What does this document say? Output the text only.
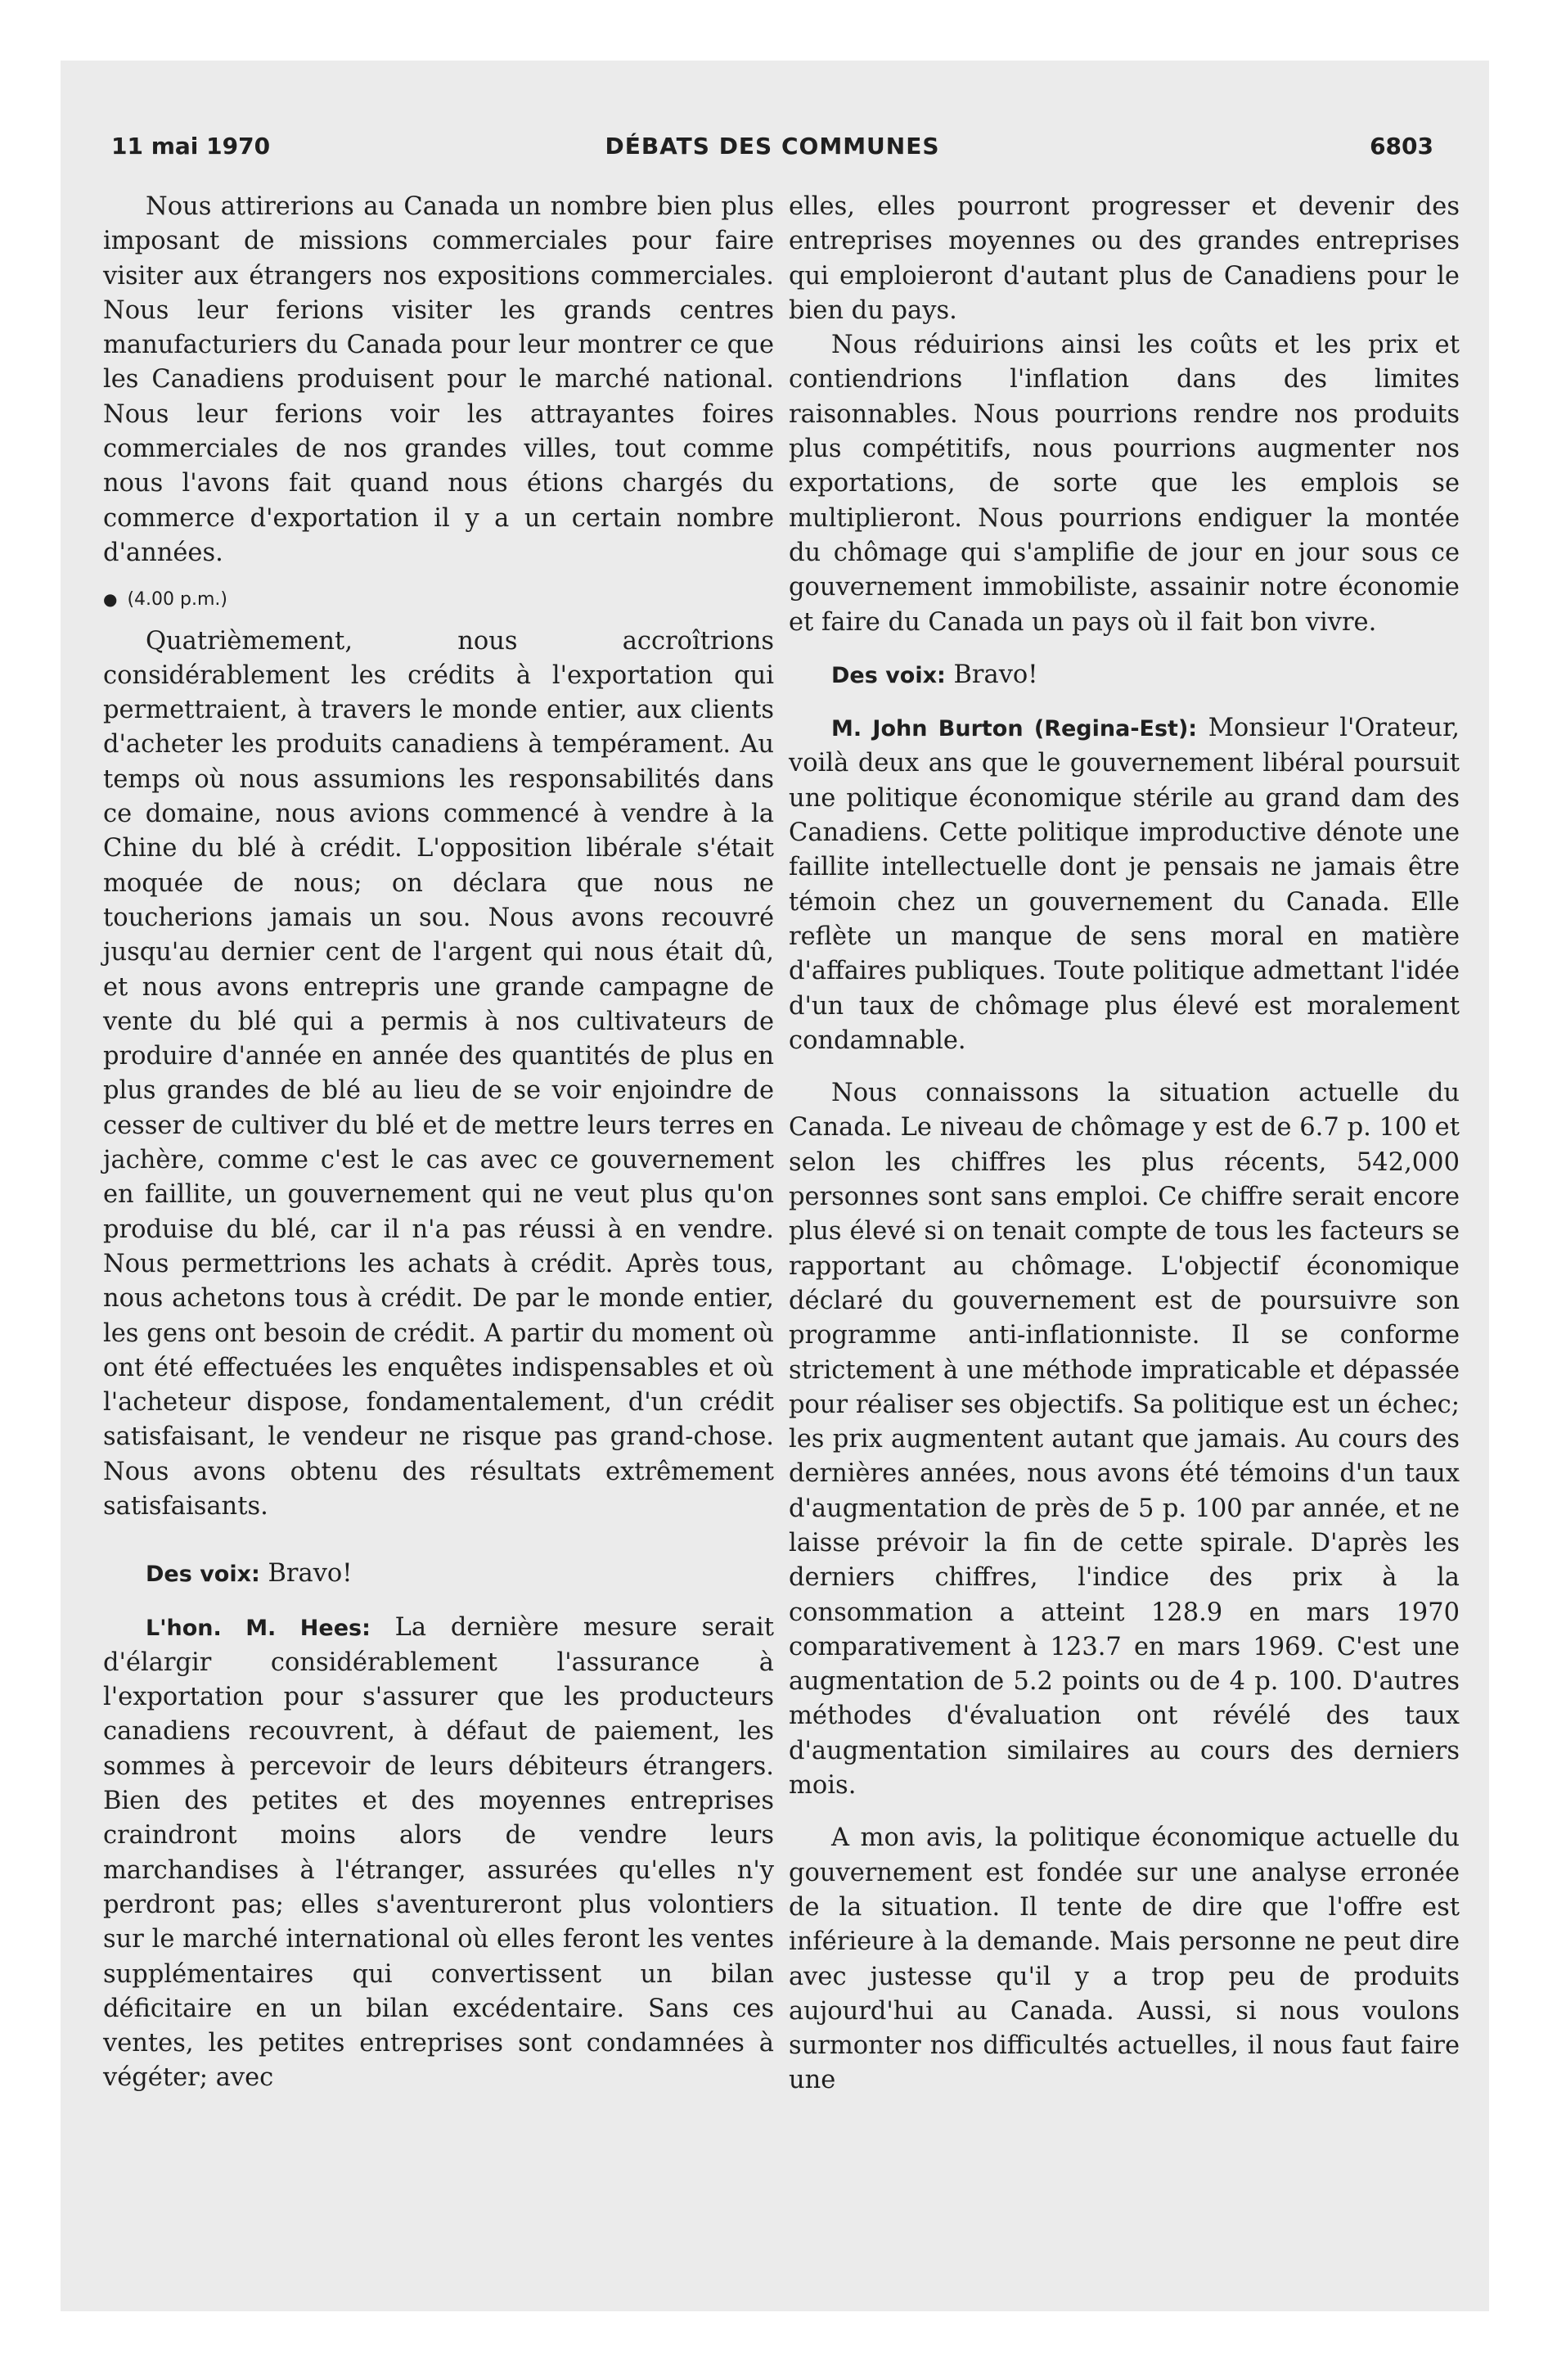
11 mai 1970	DÉBATS DES COMMUNES	6803

Nous attirerions au Canada un nombre bien plus imposant de missions commerciales pour faire visiter aux étrangers nos expositions commerciales. Nous leur ferions visiter les grands centres manufacturiers du Canada pour leur montrer ce que les Canadiens produisent pour le marché national. Nous leur ferions voir les attrayantes foires commerciales de nos grandes villes, tout comme nous l'avons fait quand nous étions chargés du commerce d'exportation il y a un certain nombre d'années.

● (4.00 p.m.)

Quatrièmement, nous accroîtrions considérablement les crédits à l'exportation qui permettraient, à travers le monde entier, aux clients d'acheter les produits canadiens à tempérament. Au temps où nous assumions les responsabilités dans ce domaine, nous avions commencé à vendre à la Chine du blé à crédit. L'opposition libérale s'était moquée de nous; on déclara que nous ne toucherions jamais un sou. Nous avons recouvré jusqu'au dernier cent de l'argent qui nous était dû, et nous avons entrepris une grande campagne de vente du blé qui a permis à nos cultivateurs de produire d'année en année des quantités de plus en plus grandes de blé au lieu de se voir enjoindre de cesser de cultiver du blé et de mettre leurs terres en jachère, comme c'est le cas avec ce gouvernement en faillite, un gouvernement qui ne veut plus qu'on produise du blé, car il n'a pas réussi à en vendre. Nous permettrions les achats à crédit. Après tous, nous achetons tous à crédit. De par le monde entier, les gens ont besoin de crédit. A partir du moment où ont été effectuées les enquêtes indispensables et où l'acheteur dispose, fondamentalement, d'un crédit satisfaisant, le vendeur ne risque pas grand-chose. Nous avons obtenu des résultats extrêmement satisfaisants.

Des voix: Bravo!

L'hon. M. Hees: La dernière mesure serait d'élargir considérablement l'assurance à l'exportation pour s'assurer que les producteurs canadiens recouvrent, à défaut de paiement, les sommes à percevoir de leurs débiteurs étrangers. Bien des petites et des moyennes entreprises craindront moins alors de vendre leurs marchandises à l'étranger, assurées qu'elles n'y perdront pas; elles s'aventureront plus volontiers sur le marché international où elles feront les ventes supplémentaires qui convertissent un bilan déficitaire en un bilan excédentaire. Sans ces ventes, les petites entreprises sont condamnées à végéter; avec

elles, elles pourront progresser et devenir des entreprises moyennes ou des grandes entreprises qui emploieront d'autant plus de Canadiens pour le bien du pays.

Nous réduirions ainsi les coûts et les prix et contiendrions l'inflation dans des limites raisonnables. Nous pourrions rendre nos produits plus compétitifs, nous pourrions augmenter nos exportations, de sorte que les emplois se multiplieront. Nous pourrions endiguer la montée du chômage qui s'amplifie de jour en jour sous ce gouvernement immobiliste, assainir notre économie et faire du Canada un pays où il fait bon vivre.

Des voix: Bravo!

M. John Burton (Regina-Est): Monsieur l'Orateur, voilà deux ans que le gouvernement libéral poursuit une politique économique stérile au grand dam des Canadiens. Cette politique improductive dénote une faillite intellectuelle dont je pensais ne jamais être témoin chez un gouvernement du Canada. Elle reflète un manque de sens moral en matière d'affaires publiques. Toute politique admettant l'idée d'un taux de chômage plus élevé est moralement condamnable.

Nous connaissons la situation actuelle du Canada. Le niveau de chômage y est de 6.7 p. 100 et selon les chiffres les plus récents, 542,000 personnes sont sans emploi. Ce chiffre serait encore plus élevé si on tenait compte de tous les facteurs se rapportant au chômage. L'objectif économique déclaré du gouvernement est de poursuivre son programme anti-inflationniste. Il se conforme strictement à une méthode impraticable et dépassée pour réaliser ses objectifs. Sa politique est un échec; les prix augmentent autant que jamais. Au cours des dernières années, nous avons été témoins d'un taux d'augmentation de près de 5 p. 100 par année, et ne laisse prévoir la fin de cette spirale. D'après les derniers chiffres, l'indice des prix à la consommation a atteint 128.9 en mars 1970 comparativement à 123.7 en mars 1969. C'est une augmentation de 5.2 points ou de 4 p. 100. D'autres méthodes d'évaluation ont révélé des taux d'augmentation similaires au cours des derniers mois.

A mon avis, la politique économique actuelle du gouvernement est fondée sur une analyse erronée de la situation. Il tente de dire que l'offre est inférieure à la demande. Mais personne ne peut dire avec justesse qu'il y a trop peu de produits aujourd'hui au Canada. Aussi, si nous voulons surmonter nos difficultés actuelles, il nous faut faire une
